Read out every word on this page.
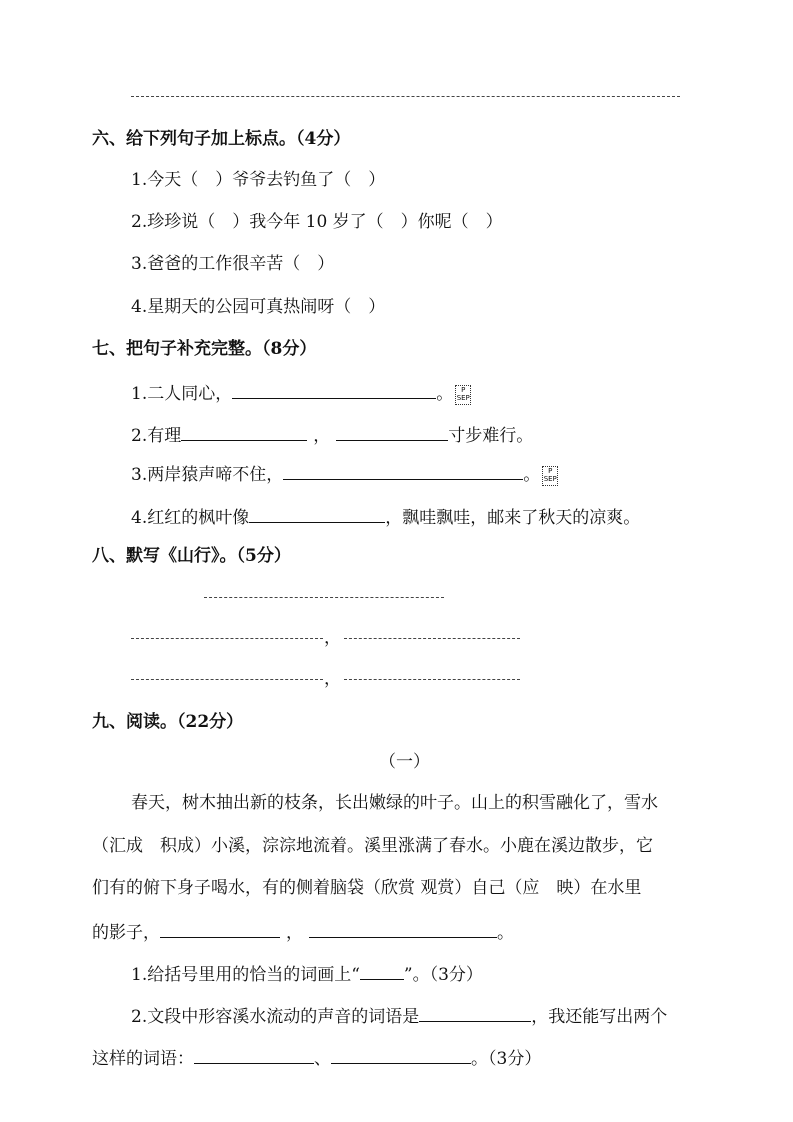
六、给下列句子加上标点。（4分）
1.今天（　）爷爷去钓鱼了（　）
2.珍珍说（　）我今年 10 岁了（　）你呢（　）
3.爸爸的工作很辛苦（　）
4.星期天的公园可真热闹呀（　）
七、把句子补充完整。（8分）
1.二人同心，	。 P
SEP
2.有理	，	寸步难行。
3.两岸猿声啼不住，	。 P
SEP
4.红红的枫叶像	，飘哇飘哇，邮来了秋天的凉爽。
八、默写《山行》。（5分）
，
，
九、阅读。（22分）
（一）
春天，树木抽出新的枝条，长出嫩绿的叶子。山上的积雪融化了，雪水
（汇成　积成）小溪，淙淙地流着。溪里涨满了春水。小鹿在溪边散步，它
们有的俯下身子喝水，有的侧着脑袋（欣赏 观赏）自己（应　映）在水里
的影子，	，	。
1.给括号里用的恰当的词画上“	”。（3分）
2.文段中形容溪水流动的声音的词语是	，我还能写出两个
这样的词语：	、	。（3分）
